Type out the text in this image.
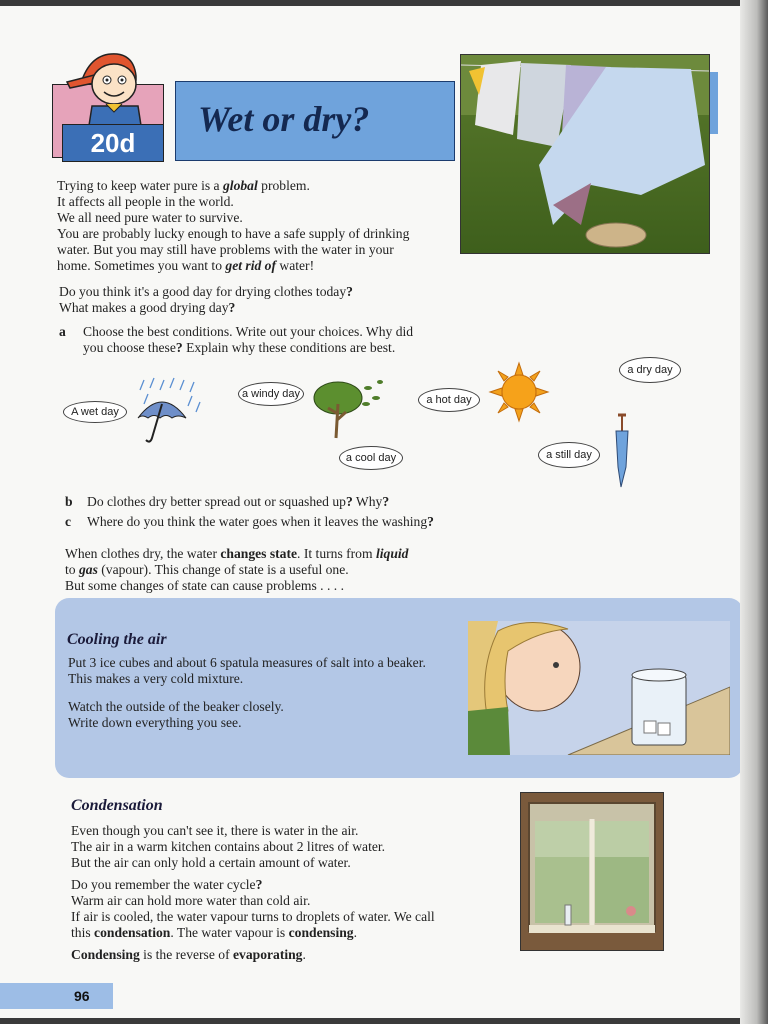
20d
Wet or dry?

Trying to keep water pure is a global problem.

It affects all people in the world.

We all need pure water to survive.

You are probably lucky enough to have a safe supply of drinking

water. But you may still have problems with the water in your

home. Sometimes you want to get rid of water!

Do you think it's a good day for drying clothes today?

What makes a good drying day?

a Choose the best conditions. Write out your choices. Why did

you choose these? Explain why these conditions are best.

A wet day
a windy day	a hot day
a dry day
a cool day	a still day

b Do clothes dry better spread out or squashed up? Why?

c Where do you think the water goes when it leaves the washing?

When clothes dry, the water changes state. It turns from liquid

to gas (vapour). This change of state is a useful one.

But some changes of state can cause problems . . . .

Cooling the air

Put 3 ice cubes and about 6 spatula measures of salt into a beaker.

This makes a very cold mixture.

Watch the outside of the beaker closely.

Write down everything you see.

Condensation

Even though you can't see it, there is water in the air.

The air in a warm kitchen contains about 2 litres of water.

But the air can only hold a certain amount of water.

Do you remember the water cycle?

Warm air can hold more water than cold air.

If air is cooled, the water vapour turns to droplets of water. We call

this condensation. The water vapour is condensing.

Condensing is the reverse of evaporating.

96
